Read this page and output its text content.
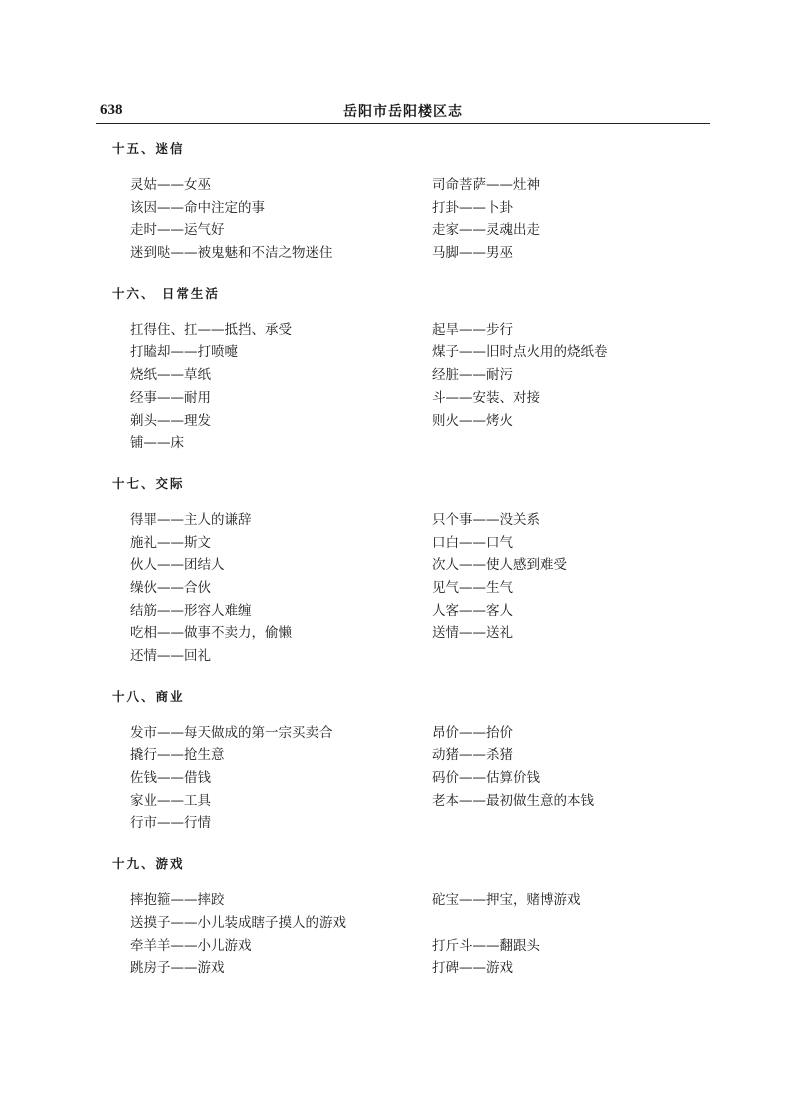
638	岳阳市岳阳楼区志
十五、迷信
灵姑——女巫	司命菩萨——灶神
该因——命中注定的事	打卦——卜卦
走时——运气好	走家——灵魂出走
迷到哒——被鬼魅和不洁之物迷住	马脚——男巫
十六、 日常生活
扛得住、扛——抵挡、承受	起旱——步行
打瞌却——打喷嚏	煤子——旧时点火用的烧纸卷
烧纸——草纸	经脏——耐污
经事——耐用	斗——安装、对接
剃头——理发	则火——烤火
铺——床
十七、交际
得罪——主人的谦辞	只个事——没关系
施礼——斯文	口白——口气
伙人——团结人	次人——使人感到难受
缲伙——合伙	见气——生气
结筋——形容人难缠	人客——客人
吃相——做事不卖力，偷懒	送情——送礼
还情——回礼
十八、商业
发市——每天做成的第一宗买卖合	昂价——抬价
撬行——抢生意	动猪——杀猪
佐钱——借钱	码价——估算价钱
家业——工具	老本——最初做生意的本钱
行市——行情
十九、游戏
摔抱箍——摔跤	砣宝——押宝，赌博游戏
送摸子——小儿装成瞎子摸人的游戏
牵羊羊——小儿游戏	打斤斗——翻跟头
跳房子——游戏	打碑——游戏
